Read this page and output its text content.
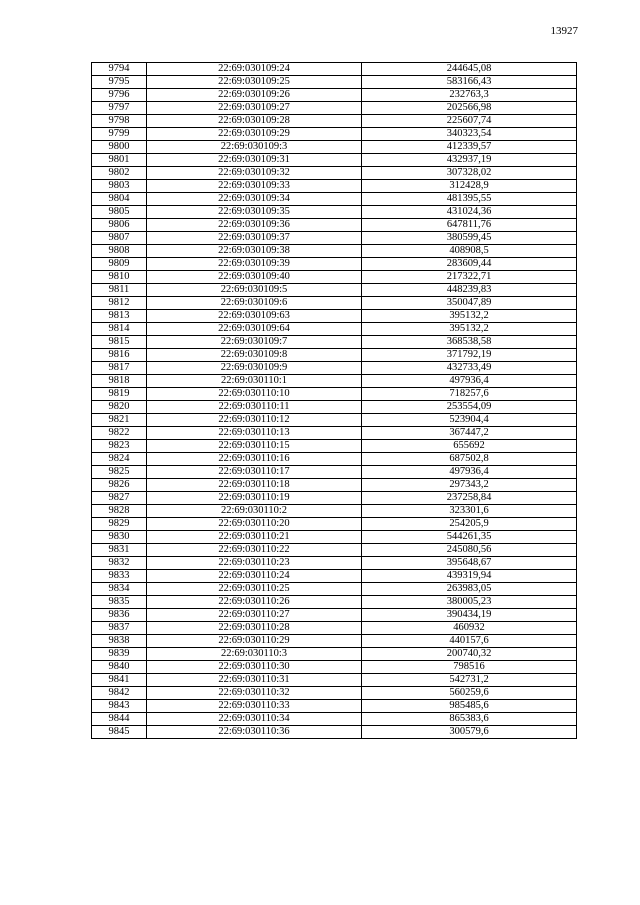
13927
9794	22:69:030109:24	244645,08
9795	22:69:030109:25	583166,43
9796	22:69:030109:26	232763,3
9797	22:69:030109:27	202566,98
9798	22:69:030109:28	225607,74
9799	22:69:030109:29	340323,54
9800	22:69:030109:3	412339,57
9801	22:69:030109:31	432937,19
9802	22:69:030109:32	307328,02
9803	22:69:030109:33	312428,9
9804	22:69:030109:34	481395,55
9805	22:69:030109:35	431024,36
9806	22:69:030109:36	647811,76
9807	22:69:030109:37	380599,45
9808	22:69:030109:38	408908,5
9809	22:69:030109:39	283609,44
9810	22:69:030109:40	217322,71
9811	22:69:030109:5	448239,83
9812	22:69:030109:6	350047,89
9813	22:69:030109:63	395132,2
9814	22:69:030109:64	395132,2
9815	22:69:030109:7	368538,58
9816	22:69:030109:8	371792,19
9817	22:69:030109:9	432733,49
9818	22:69:030110:1	497936,4
9819	22:69:030110:10	718257,6
9820	22:69:030110:11	253554,09
9821	22:69:030110:12	523904,4
9822	22:69:030110:13	367447,2
9823	22:69:030110:15	655692
9824	22:69:030110:16	687502,8
9825	22:69:030110:17	497936,4
9826	22:69:030110:18	297343,2
9827	22:69:030110:19	237258,84
9828	22:69:030110:2	323301,6
9829	22:69:030110:20	254205,9
9830	22:69:030110:21	544261,35
9831	22:69:030110:22	245080,56
9832	22:69:030110:23	395648,67
9833	22:69:030110:24	439319,94
9834	22:69:030110:25	263983,05
9835	22:69:030110:26	380005,23
9836	22:69:030110:27	390434,19
9837	22:69:030110:28	460932
9838	22:69:030110:29	440157,6
9839	22:69:030110:3	200740,32
9840	22:69:030110:30	798516
9841	22:69:030110:31	542731,2
9842	22:69:030110:32	560259,6
9843	22:69:030110:33	985485,6
9844	22:69:030110:34	865383,6
9845	22:69:030110:36	300579,6
